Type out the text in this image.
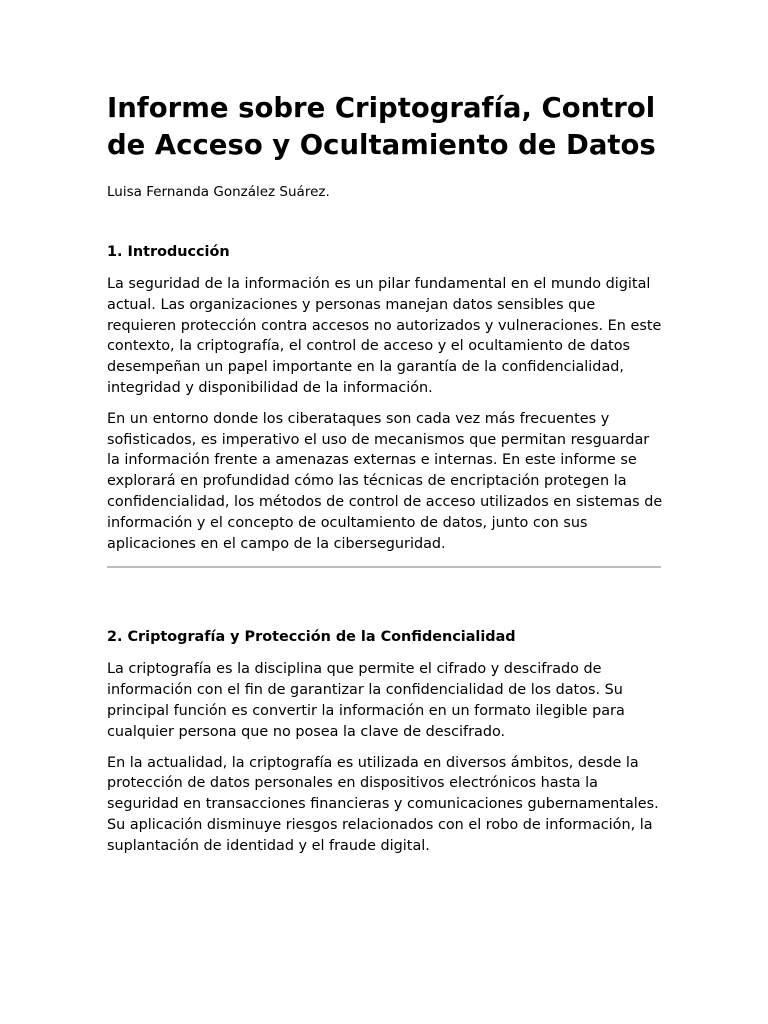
Informe sobre Criptografía, Control de Acceso y Ocultamiento de Datos

Luisa Fernanda González Suárez.

1. Introducción

La seguridad de la información es un pilar fundamental en el mundo digital actual. Las organizaciones y personas manejan datos sensibles que requieren protección contra accesos no autorizados y vulneraciones. En este contexto, la criptografía, el control de acceso y el ocultamiento de datos desempeñan un papel importante en la garantía de la confidencialidad, integridad y disponibilidad de la información.

En un entorno donde los ciberataques son cada vez más frecuentes y sofisticados, es imperativo el uso de mecanismos que permitan resguardar la información frente a amenazas externas e internas. En este informe se explorará en profundidad cómo las técnicas de encriptación protegen la confidencialidad, los métodos de control de acceso utilizados en sistemas de información y el concepto de ocultamiento de datos, junto con sus aplicaciones en el campo de la ciberseguridad.

2. Criptografía y Protección de la Confidencialidad

La criptografía es la disciplina que permite el cifrado y descifrado de información con el fin de garantizar la confidencialidad de los datos. Su principal función es convertir la información en un formato ilegible para cualquier persona que no posea la clave de descifrado.

En la actualidad, la criptografía es utilizada en diversos ámbitos, desde la protección de datos personales en dispositivos electrónicos hasta la seguridad en transacciones financieras y comunicaciones gubernamentales. Su aplicación disminuye riesgos relacionados con el robo de información, la suplantación de identidad y el fraude digital.
